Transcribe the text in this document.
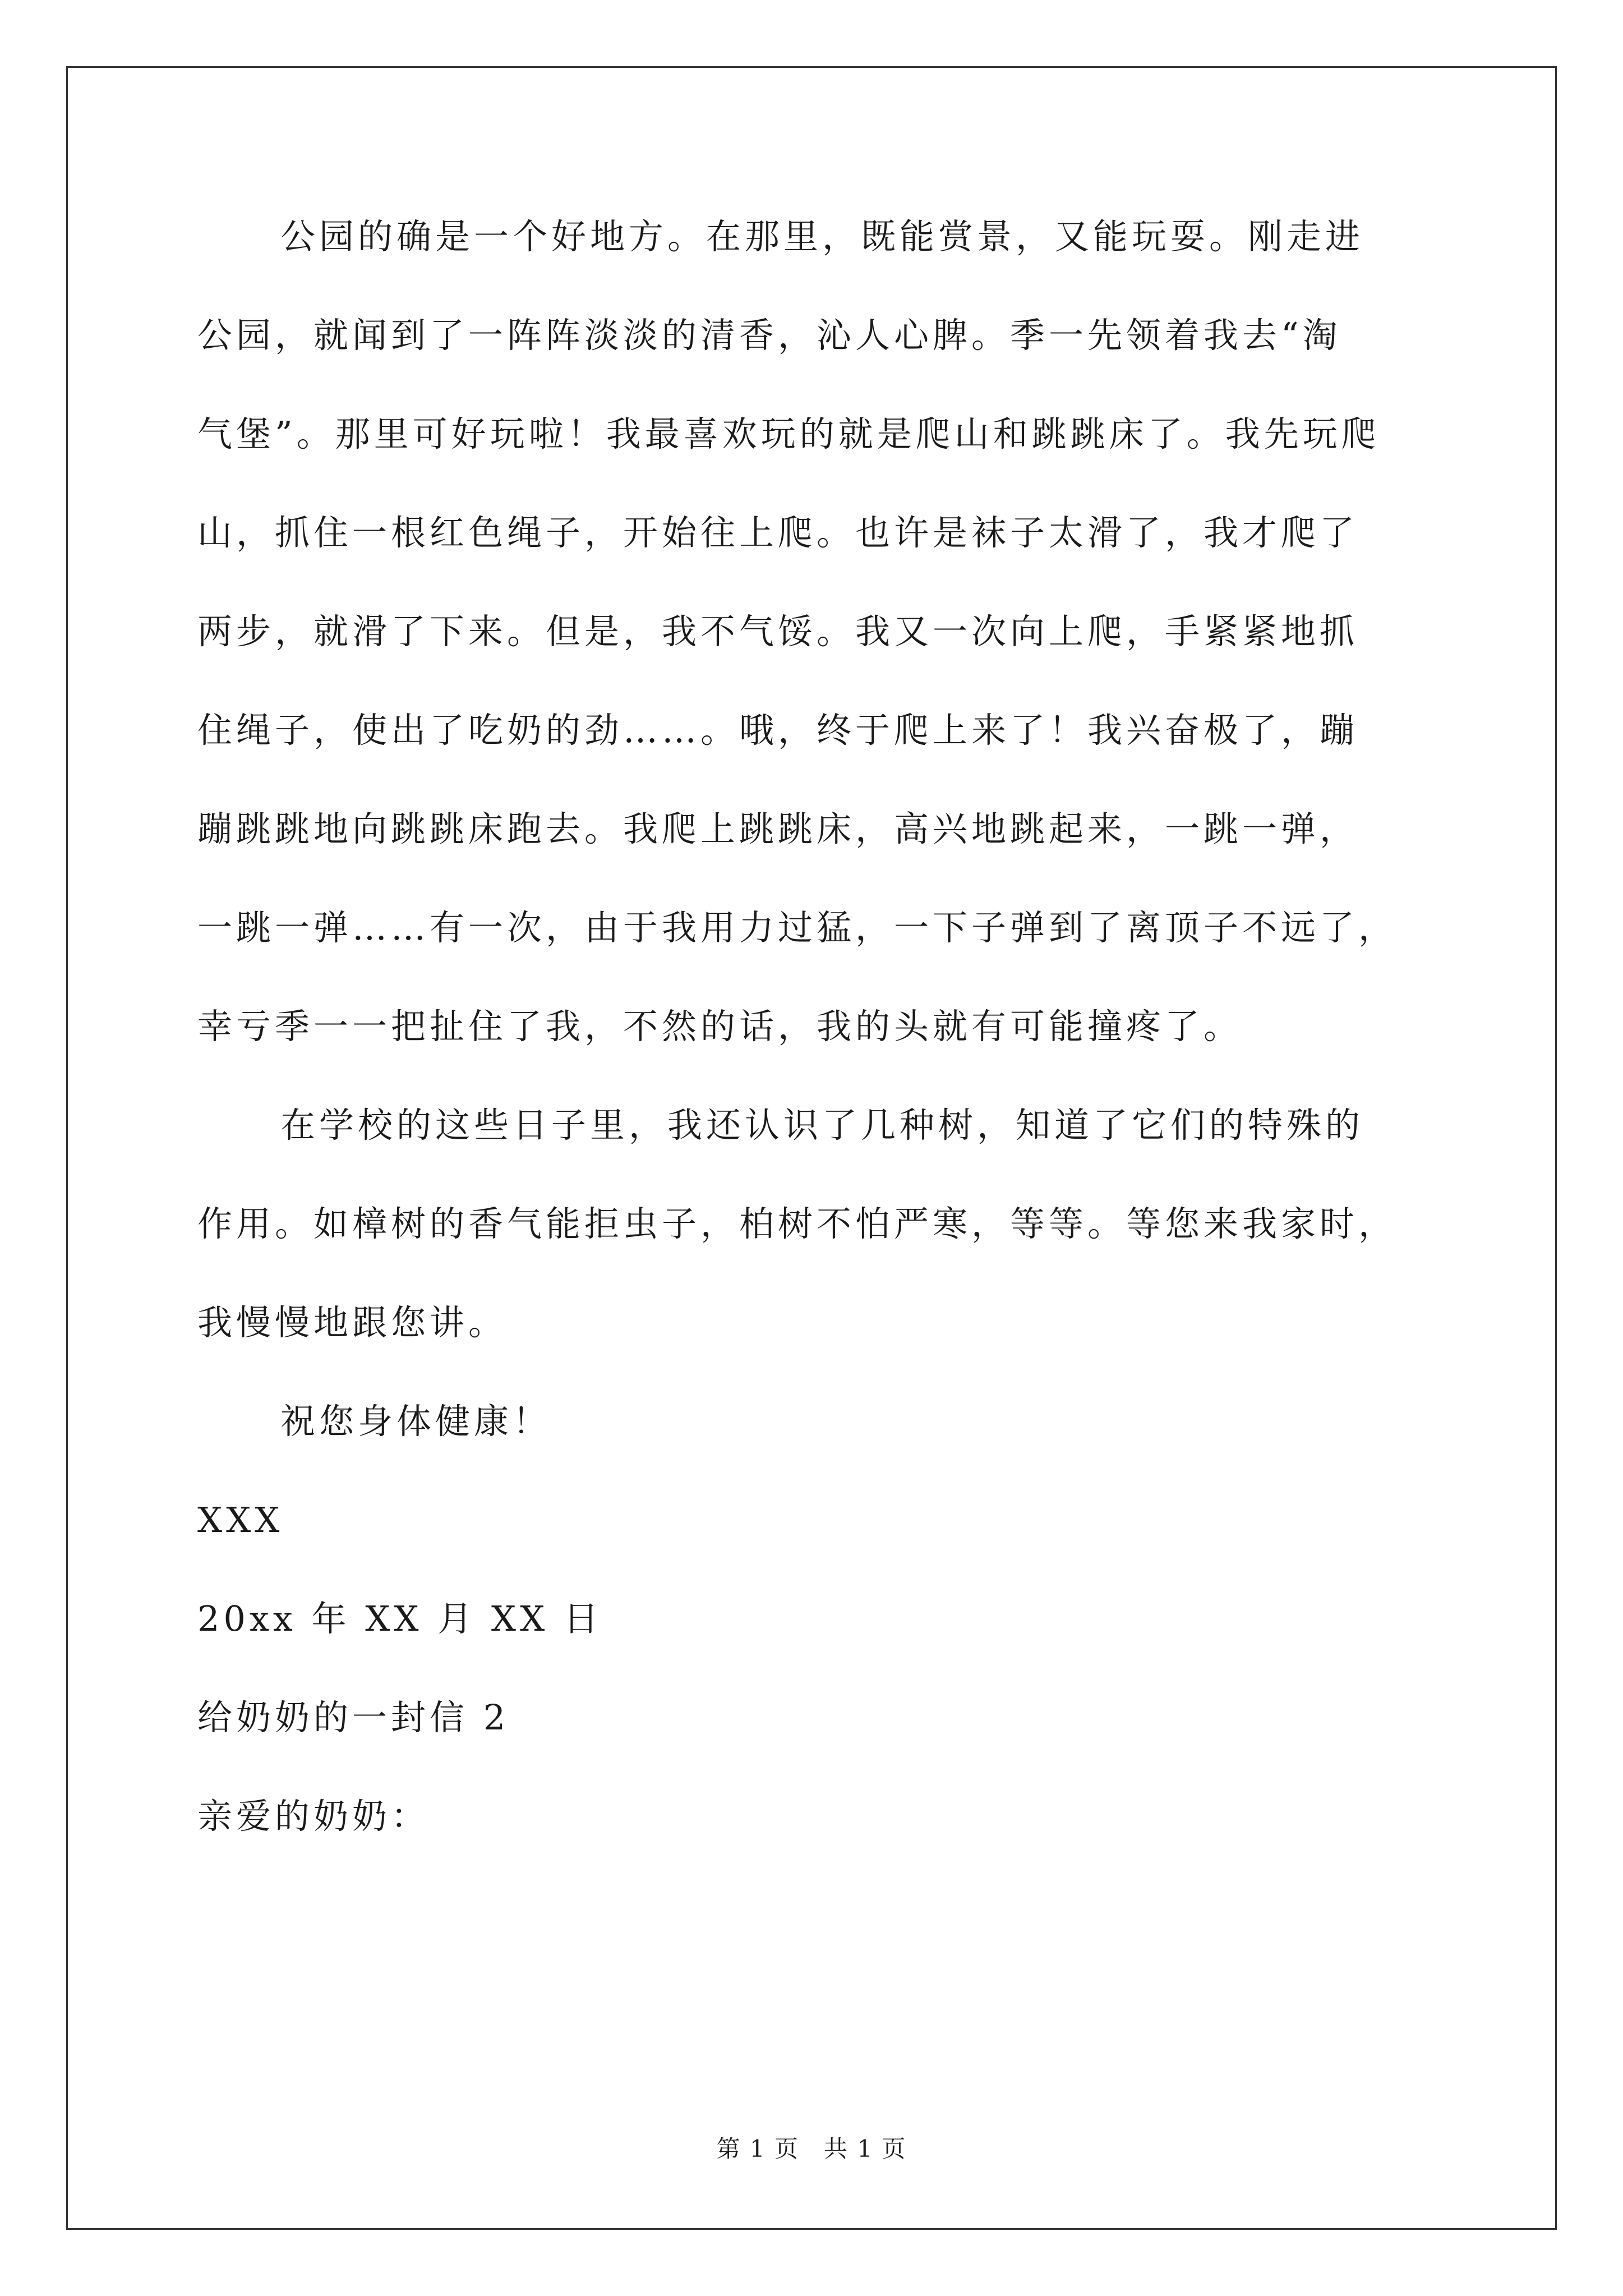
公园的确是一个好地方。在那里，既能赏景，又能玩耍。刚走进
公园，就闻到了一阵阵淡淡的清香，沁人心脾。季一先领着我去“淘
气堡”。那里可好玩啦！我最喜欢玩的就是爬山和跳跳床了。我先玩爬
山，抓住一根红色绳子，开始往上爬。也许是袜子太滑了，我才爬了
两步，就滑了下来。但是，我不气馁。我又一次向上爬，手紧紧地抓
住绳子，使出了吃奶的劲……。哦，终于爬上来了！我兴奋极了，蹦
蹦跳跳地向跳跳床跑去。我爬上跳跳床，高兴地跳起来，一跳一弹，
一跳一弹……有一次，由于我用力过猛，一下子弹到了离顶子不远了，
幸亏季一一把扯住了我，不然的话，我的头就有可能撞疼了。
在学校的这些日子里，我还认识了几种树，知道了它们的特殊的
作用。如樟树的香气能拒虫子，柏树不怕严寒，等等。等您来我家时，
我慢慢地跟您讲。
祝您身体健康！
XXX
20xx 年 XX 月 XX 日
给奶奶的一封信 2
亲爱的奶奶：
第 1 页　共 1 页
